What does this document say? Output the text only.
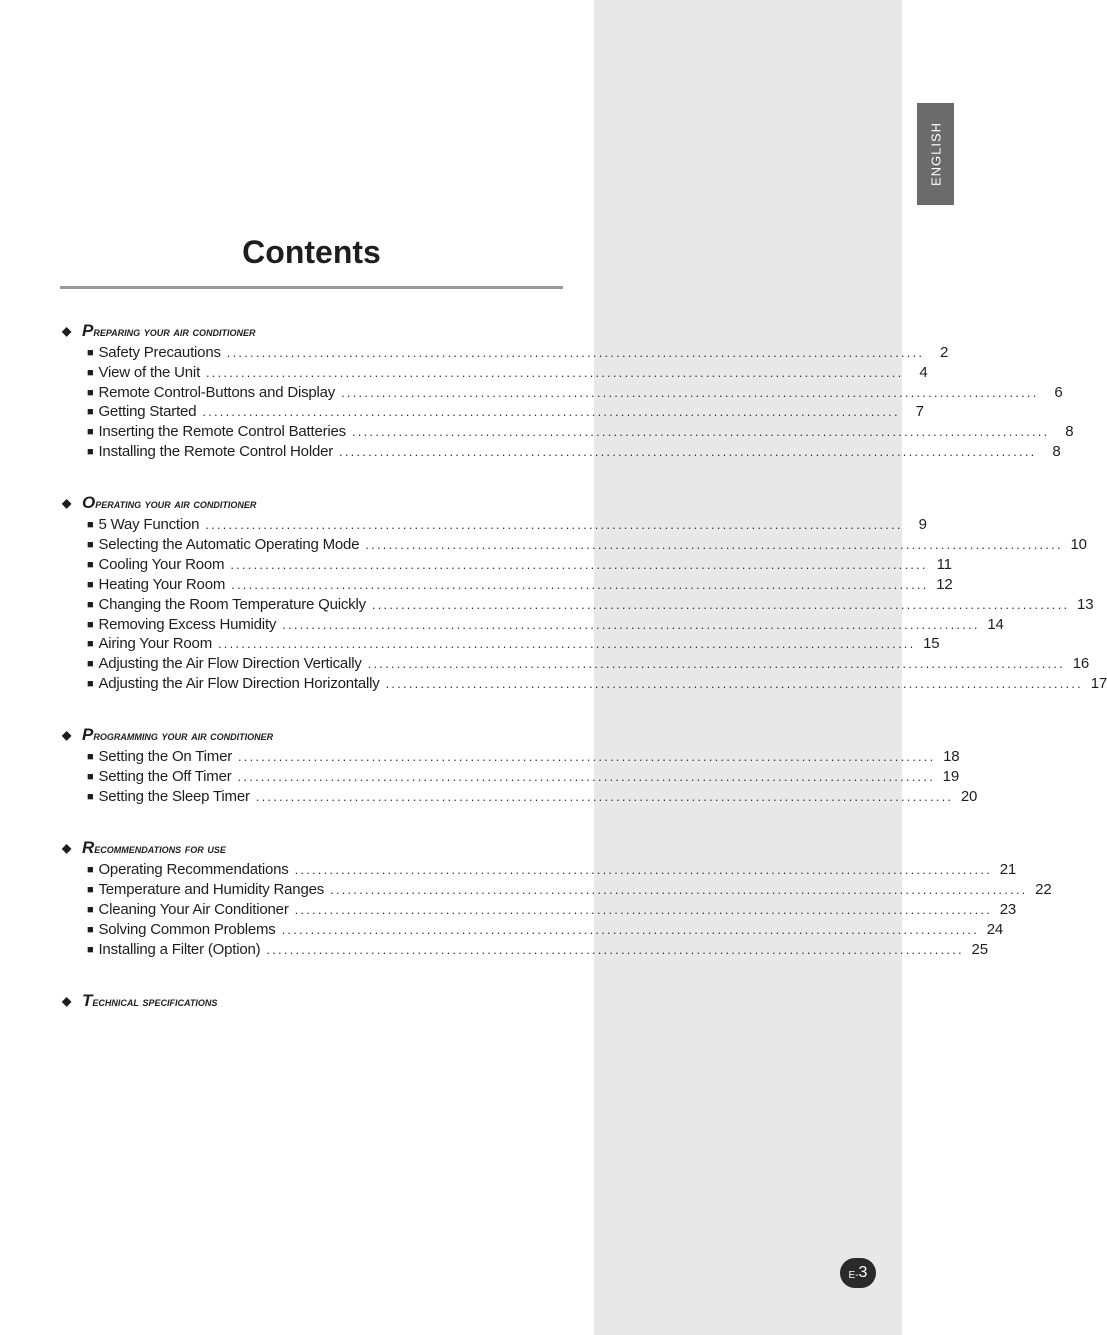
ENGLISH
Contents
◆ Preparing your air conditioner
■ Safety Precautions ........................................................................................................................	2
■ View of the Unit ........................................................................................................................	4
■ Remote Control-Buttons and Display ........................................................................................................................	6
■ Getting Started ........................................................................................................................	7
■ Inserting the Remote Control Batteries ........................................................................................................................	8
■ Installing the Remote Control Holder ........................................................................................................................	8
◆ Operating your air conditioner
■ 5 Way Function ........................................................................................................................	9
■ Selecting the Automatic Operating Mode ........................................................................................................................ 10
■ Cooling Your Room ........................................................................................................................ 11
■ Heating Your Room ........................................................................................................................ 12
■ Changing the Room Temperature Quickly ........................................................................................................................ 13
■ Removing Excess Humidity ........................................................................................................................ 14
■ Airing Your Room ........................................................................................................................ 15
■ Adjusting the Air Flow Direction Vertically ........................................................................................................................ 16
■ Adjusting the Air Flow Direction Horizontally ........................................................................................................................ 17
◆ Programming your air conditioner
■ Setting the On Timer ........................................................................................................................ 18
■ Setting the Off Timer ........................................................................................................................ 19
■ Setting the Sleep Timer ........................................................................................................................ 20
◆ Recommendations for use
■ Operating Recommendations ........................................................................................................................ 21
■ Temperature and Humidity Ranges ........................................................................................................................ 22
■ Cleaning Your Air Conditioner ........................................................................................................................ 23
■ Solving Common Problems ........................................................................................................................ 24
■ Installing a Filter (Option) ........................................................................................................................ 25
◆ Technical specifications
E- 3
